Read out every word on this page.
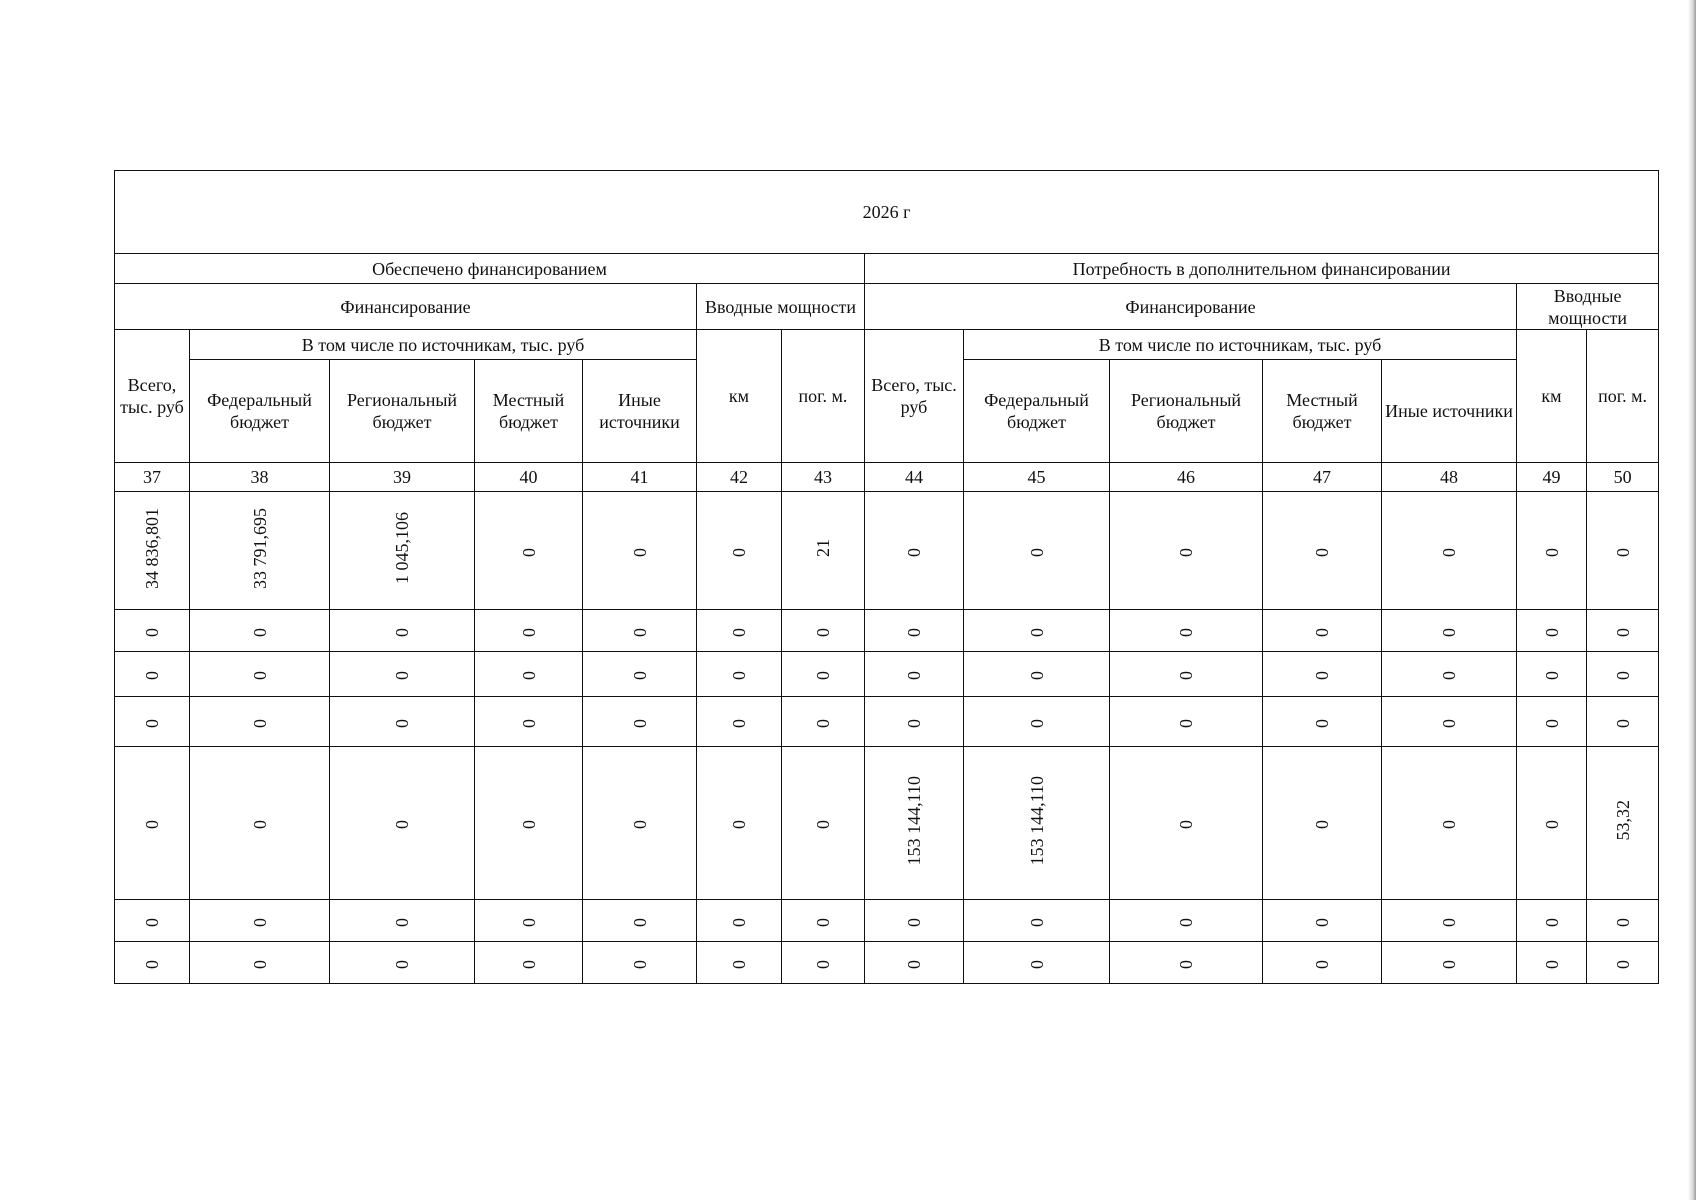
2026 г													
Обеспечено финансированием							Потребность в дополнительном финансировании						
Финансирование					Вводные мощности		Финансирование					Вводные мощности	
Всего, тыс. руб	В том числе по источникам, тыс. руб				км	пог. м.	Всего, тыс. руб	В том числе по источникам, тыс. руб				км	пог. м.
	Федеральный бюджет	Региональный бюджет	Местный бюджет	Иные источники				Федеральный бюджет	Региональный бюджет	Местный бюджет	Иные источники		
37	38	39	40	41	42	43	44	45	46	47	48	49	50
34 836,801	33 791,695	1 045,106	0	0	0	21	0	0	0	0	0	0	0
0	0	0	0	0	0	0	0	0	0	0	0	0	0
0	0	0	0	0	0	0	0	0	0	0	0	0	0
0	0	0	0	0	0	0	0	0	0	0	0	0	0
0	0	0	0	0	0	0	153 144,110	153 144,110	0	0	0	0	53,32
0	0	0	0	0	0	0	0	0	0	0	0	0	0
0	0	0	0	0	0	0	0	0	0	0	0	0	0
